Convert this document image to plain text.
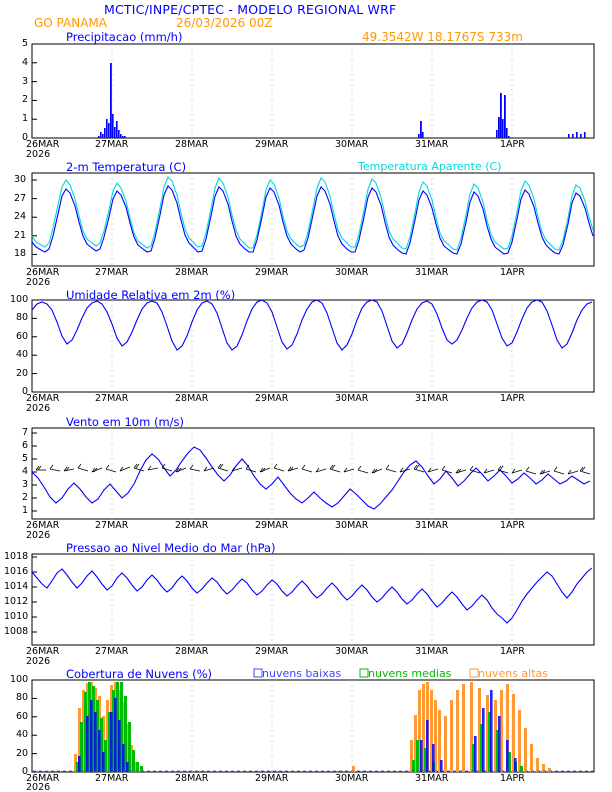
MCTIC/INPE/CPTEC - MODELO REGIONAL WRF
GO PANAMA	26/03/2026 00Z
49.3542W 18.1767S 733m
Precipitacao (mm/h)
5
4
3
2
1
0
26MAR	27MAR	28MAR	29MAR	30MAR	31MAR	1APR
2026
2-m Temperatura (C)	Temperatura Aparente (C)
30
27
24
21
18
26MAR	27MAR	28MAR	29MAR	30MAR	31MAR	1APR
2026
Umidade Relativa em 2m (%)
100
80
60
40
20
0
26MAR	27MAR	28MAR	29MAR	30MAR	31MAR	1APR
2026
Vento em 10m (m/s)
7
6
5
4
3
2
1
26MAR	27MAR	28MAR	29MAR	30MAR	31MAR	1APR
2026
Pressao ao Nivel Medio do Mar (hPa)
1018
1016
1014
1012
1010
1008
26MAR	27MAR	28MAR	29MAR	30MAR	31MAR	1APR
2026
Cobertura de Nuvens (%)	nuvens baixas nuvens medias nuvens altas
100
80
60
40
20
0
26MAR	27MAR	28MAR	29MAR	30MAR	31MAR	1APR
2026
